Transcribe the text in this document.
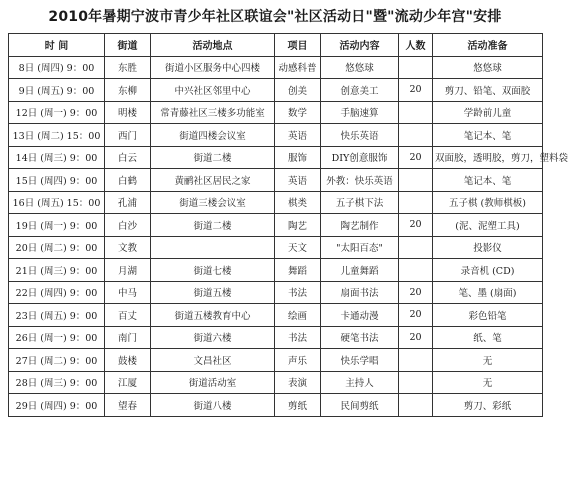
2010年暑期宁波市青少年社区联谊会"社区活动日"暨"流动少年宫"安排
时 间	街道	活动地点	项目	活动内容	人数	活动准备
8日 (周四) 9：00	东胜	街道小区服务中心四楼	动感科普	悠悠球		悠悠球
9日 (周五) 9：00	东柳	中兴社区邻里中心	创美	创意美工	20	剪刀、铅笔、双面胶
12日 (周一) 9：00	明楼	常青藤社区三楼多功能室	数学	手脑速算		学龄前儿童
13日 (周二) 15：00	西门	街道四楼会议室	英语	快乐英语		笔记本、笔
14日 (周三) 9：00	白云	街道二楼	服饰	DIY创意服饰	20	双面胶，透明胶，剪刀，塑料袋
15日 (周四) 9：00	白鹤	黄鹂社区居民之家	英语	外教：快乐英语		笔记本、笔
16日 (周五) 15：00	孔浦	街道三楼会议室	棋类	五子棋下法		五子棋 (教师棋板)
19日 (周一) 9：00	白沙	街道二楼	陶艺	陶艺制作	20	(泥、泥塑工具)
20日 (周二) 9：00	文教		天文	"太阳百态"		投影仪
21日 (周三) 9：00	月湖	街道七楼	舞蹈	儿童舞蹈		录音机 (CD)
22日 (周四) 9：00	中马	街道五楼	书法	扇面书法	20	笔、墨 (扇面)
23日 (周五) 9：00	百丈	街道五楼教育中心	绘画	卡通动漫	20	彩色铅笔
26日 (周一) 9：00	南门	街道六楼	书法	硬笔书法	20	纸、笔
27日 (周二) 9：00	鼓楼	文昌社区	声乐	快乐学唱		无
28日 (周三) 9：00	江厦	街道活动室	表演	主持人		无
29日 (周四) 9：00	望春	街道八楼	剪纸	民间剪纸		剪刀、彩纸
